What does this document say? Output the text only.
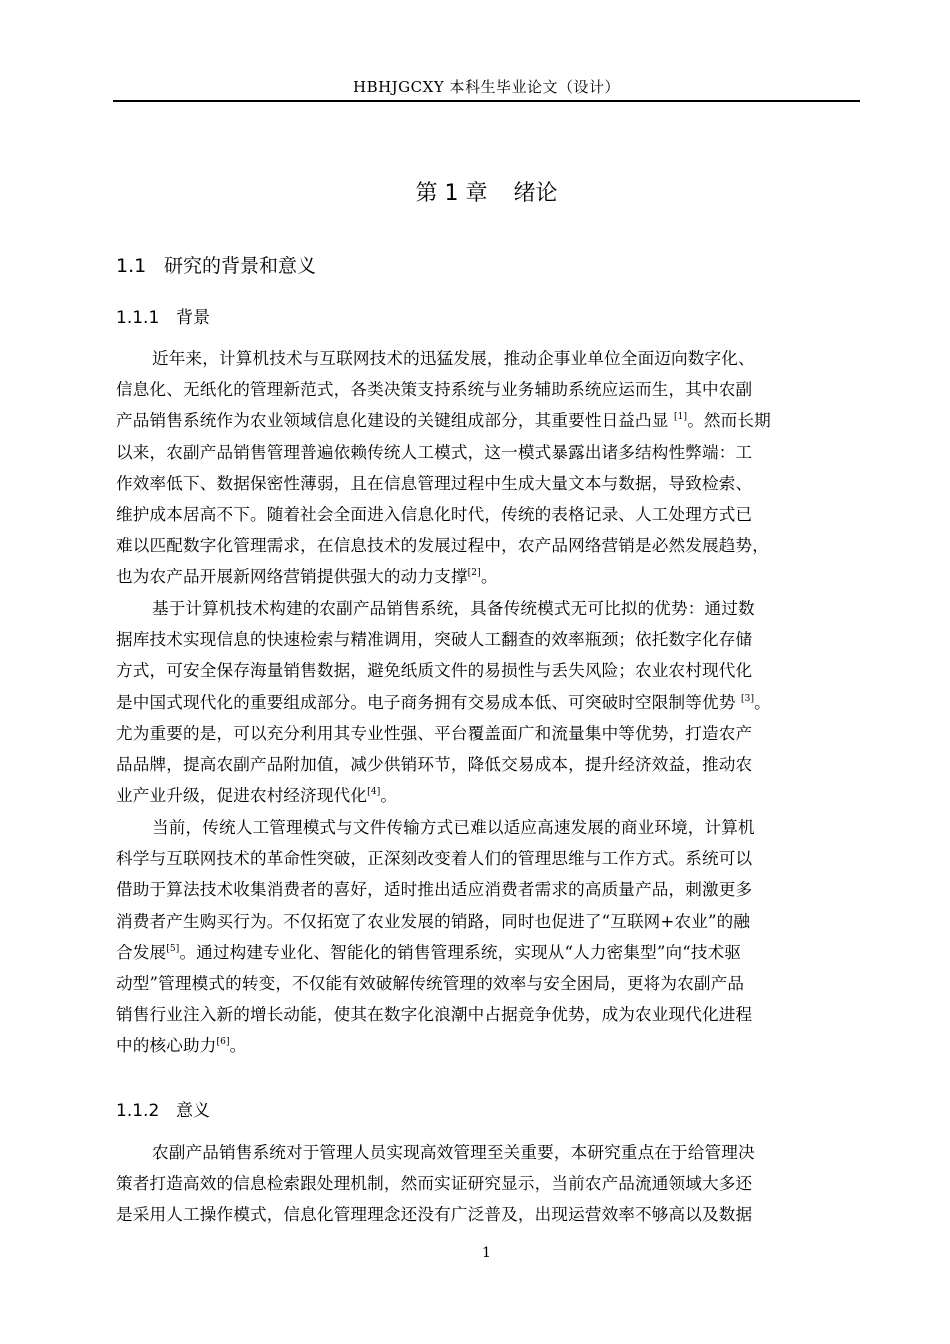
HBHJGCXY 本科生毕业论文（设计）
第 1 章 绪论
1.1 研究的背景和意义
1.1.1 背景
近年来，计算机技术与互联网技术的迅猛发展，推动企事业单位全面迈向数字化、
信息化、无纸化的管理新范式，各类决策支持系统与业务辅助系统应运而生，其中农副
产品销售系统作为农业领域信息化建设的关键组成部分，其重要性日益凸显 [1]。然而长期
以来，农副产品销售管理普遍依赖传统人工模式，这一模式暴露出诸多结构性弊端：工
作效率低下、数据保密性薄弱，且在信息管理过程中生成大量文本与数据，导致检索、
维护成本居高不下。随着社会全面进入信息化时代，传统的表格记录、人工处理方式已
难以匹配数字化管理需求，在信息技术的发展过程中，农产品网络营销是必然发展趋势，
也为农产品开展新网络营销提供强大的动力支撑[2]。
基于计算机技术构建的农副产品销售系统，具备传统模式无可比拟的优势：通过数
据库技术实现信息的快速检索与精准调用，突破人工翻查的效率瓶颈；依托数字化存储
方式，可安全保存海量销售数据，避免纸质文件的易损性与丢失风险；农业农村现代化
是中国式现代化的重要组成部分。电子商务拥有交易成本低、可突破时空限制等优势 [3]。
尤为重要的是，可以充分利用其专业性强、平台覆盖面广和流量集中等优势，打造农产
品品牌，提高农副产品附加值，减少供销环节，降低交易成本，提升经济效益，推动农
业产业升级，促进农村经济现代化[4]。
当前，传统人工管理模式与文件传输方式已难以适应高速发展的商业环境，计算机
科学与互联网技术的革命性突破，正深刻改变着人们的管理思维与工作方式。系统可以
借助于算法技术收集消费者的喜好，适时推出适应消费者需求的高质量产品，刺激更多
消费者产生购买行为。不仅拓宽了农业发展的销路，同时也促进了“互联网+农业”的融
合发展[5]。通过构建专业化、智能化的销售管理系统，实现从“人力密集型”向“技术驱
动型”管理模式的转变，不仅能有效破解传统管理的效率与安全困局，更将为农副产品
销售行业注入新的增长动能，使其在数字化浪潮中占据竞争优势，成为农业现代化进程
中的核心助力[6]。
1.1.2 意义
农副产品销售系统对于管理人员实现高效管理至关重要，本研究重点在于给管理决
策者打造高效的信息检索跟处理机制，然而实证研究显示，当前农产品流通领域大多还
是采用人工操作模式，信息化管理理念还没有广泛普及，出现运营效率不够高以及数据
1
